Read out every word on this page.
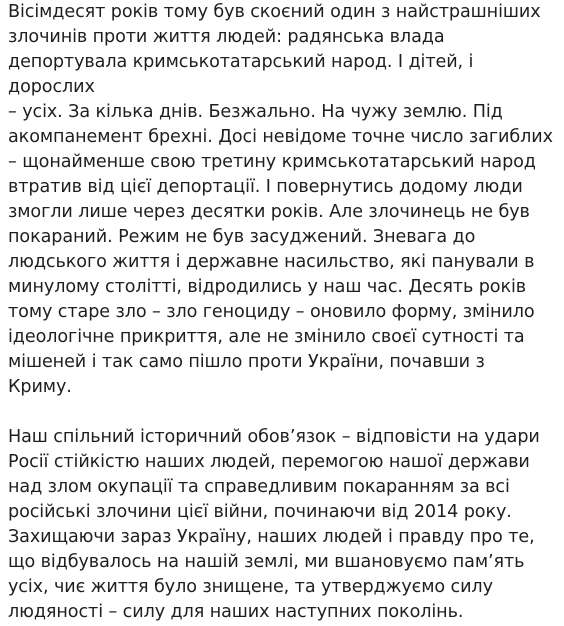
Вісімдесят років тому був скоєний один з найстрашніших
злочинів проти життя людей: радянська влада
депортувала кримськотатарський народ. І дітей, і дорослих
– усіх. За кілька днів. Безжально. На чужу землю. Під
акомпанемент брехні. Досі невідоме точне число загиблих
– щонайменше свою третину кримськотатарський народ
втратив від цієї депортації. І повернутись додому люди
змогли лише через десятки років. Але злочинець не був
покараний. Режим не був засуджений. Зневага до
людського життя і державне насильство, які панували в
минулому столітті, відродились у наш час. Десять років
тому старе зло – зло геноциду – оновило форму, змінило
ідеологічне прикриття, але не змінило своєї сутності та
мішеней і так само пішло проти України, почавши з
Криму.

Наш спільний історичний обов’язок – відповісти на удари
Росії стійкістю наших людей, перемогою нашої держави
над злом окупації та справедливим покаранням за всі
російські злочини цієї війни, починаючи від 2014 року.
Захищаючи зараз Україну, наших людей і правду про те,
що відбувалось на нашій землі, ми вшановуємо пам’ять
усіх, чиє життя було знищене, та утверджуємо силу
людяності – силу для наших наступних поколінь.
